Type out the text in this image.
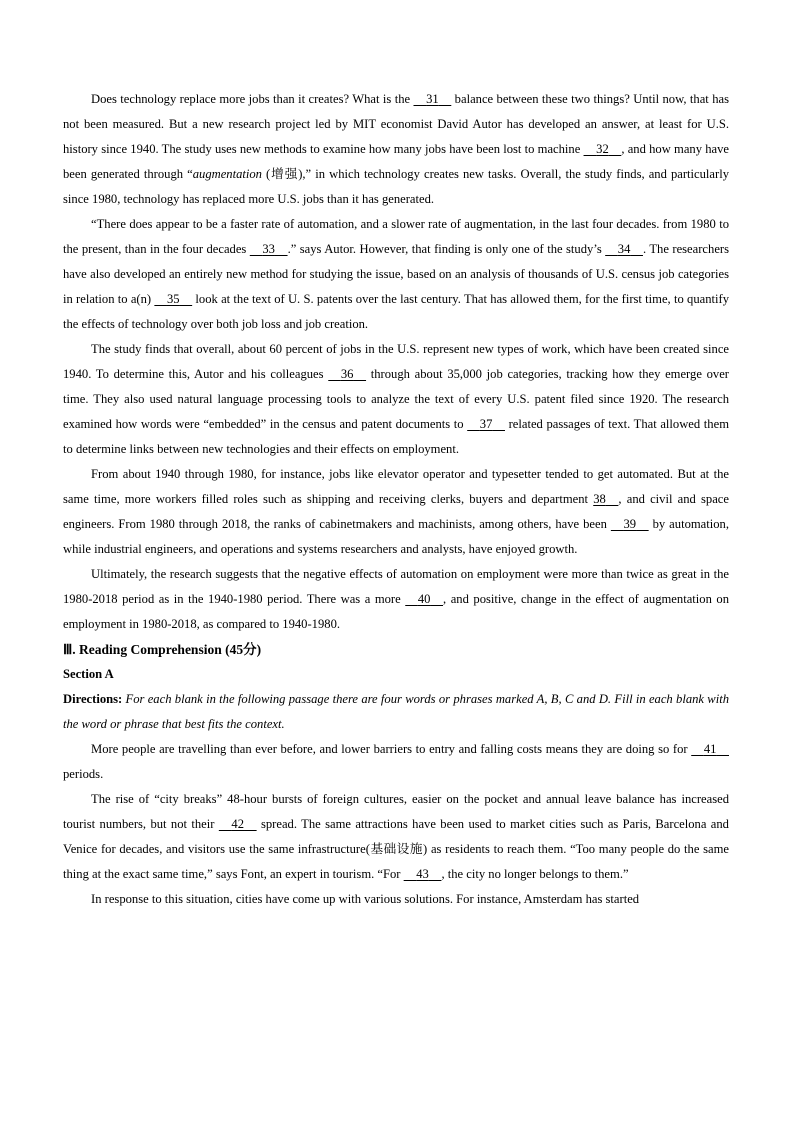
Does technology replace more jobs than it creates? What is the     31     balance between these two things? Until now, that has not been measured. But a new research project led by MIT economist David Autor has developed an answer, at least for U.S. history since 1940. The study uses new methods to examine how many jobs have been lost to machine     32 , and how many have been generated through “augmentation (增强),” in which technology creates new tasks. Overall, the study finds, and particularly since 1980, technology has replaced more U.S. jobs than it has generated.

“There does appear to be a faster rate of automation, and a slower rate of augmentation, in the last four decades. from 1980 to the present, than in the four decades     33 .” says Autor. However, that finding is only one of the study’s     34 . The researchers have also developed an entirely new method for studying the issue, based on an analysis of thousands of U.S. census job categories in relation to a(n)     35     look at the text of U. S. patents over the last century. That has allowed them, for the first time, to quantify the effects of technology over both job loss and job creation.

The study finds that overall, about 60 percent of jobs in the U.S. represent new types of work, which have been created since 1940. To determine this, Autor and his colleagues     36     through about 35,000 job categories, tracking how they emerge over time. They also used natural language processing tools to analyze the text of every U.S. patent filed since 1920. The research examined how words were “embedded” in the census and patent documents to     37     related passages of text. That allowed them to determine links between new technologies and their effects on employment.

From about 1940 through 1980, for instance, jobs like elevator operator and typesetter tended to get automated. But at the same time, more workers filled roles such as shipping and receiving clerks, buyers and department 38 , and civil and space engineers. From 1980 through 2018, the ranks of cabinetmakers and machinists, among others, have been     39     by automation, while industrial engineers, and operations and systems researchers and analysts, have enjoyed growth.

Ultimately, the research suggests that the negative effects of automation on employment were more than twice as great in the 1980-2018 period as in the 1940-1980 period. There was a more     40 , and positive, change in the effect of augmentation on employment in 1980-2018, as compared to 1940-1980.

Ⅲ. Reading Comprehension (45分)

Section A

Directions: For each blank in the following passage there are four words or phrases marked A, B, C and D. Fill in each blank with the word or phrase that best fits the context.

More people are travelling than ever before, and lower barriers to entry and falling costs means they are doing so for     41     periods.

The rise of “city breaks” 48-hour bursts of foreign cultures, easier on the pocket and annual leave balance has increased tourist numbers, but not their     42     spread. The same attractions have been used to market cities such as Paris, Barcelona and Venice for decades, and visitors use the same infrastructure(基础设施) as residents to reach them. “Too many people do the same thing at the exact same time,” says Font, an expert in tourism. “For     43 , the city no longer belongs to them.”

In response to this situation, cities have come up with various solutions. For instance, Amsterdam has started
